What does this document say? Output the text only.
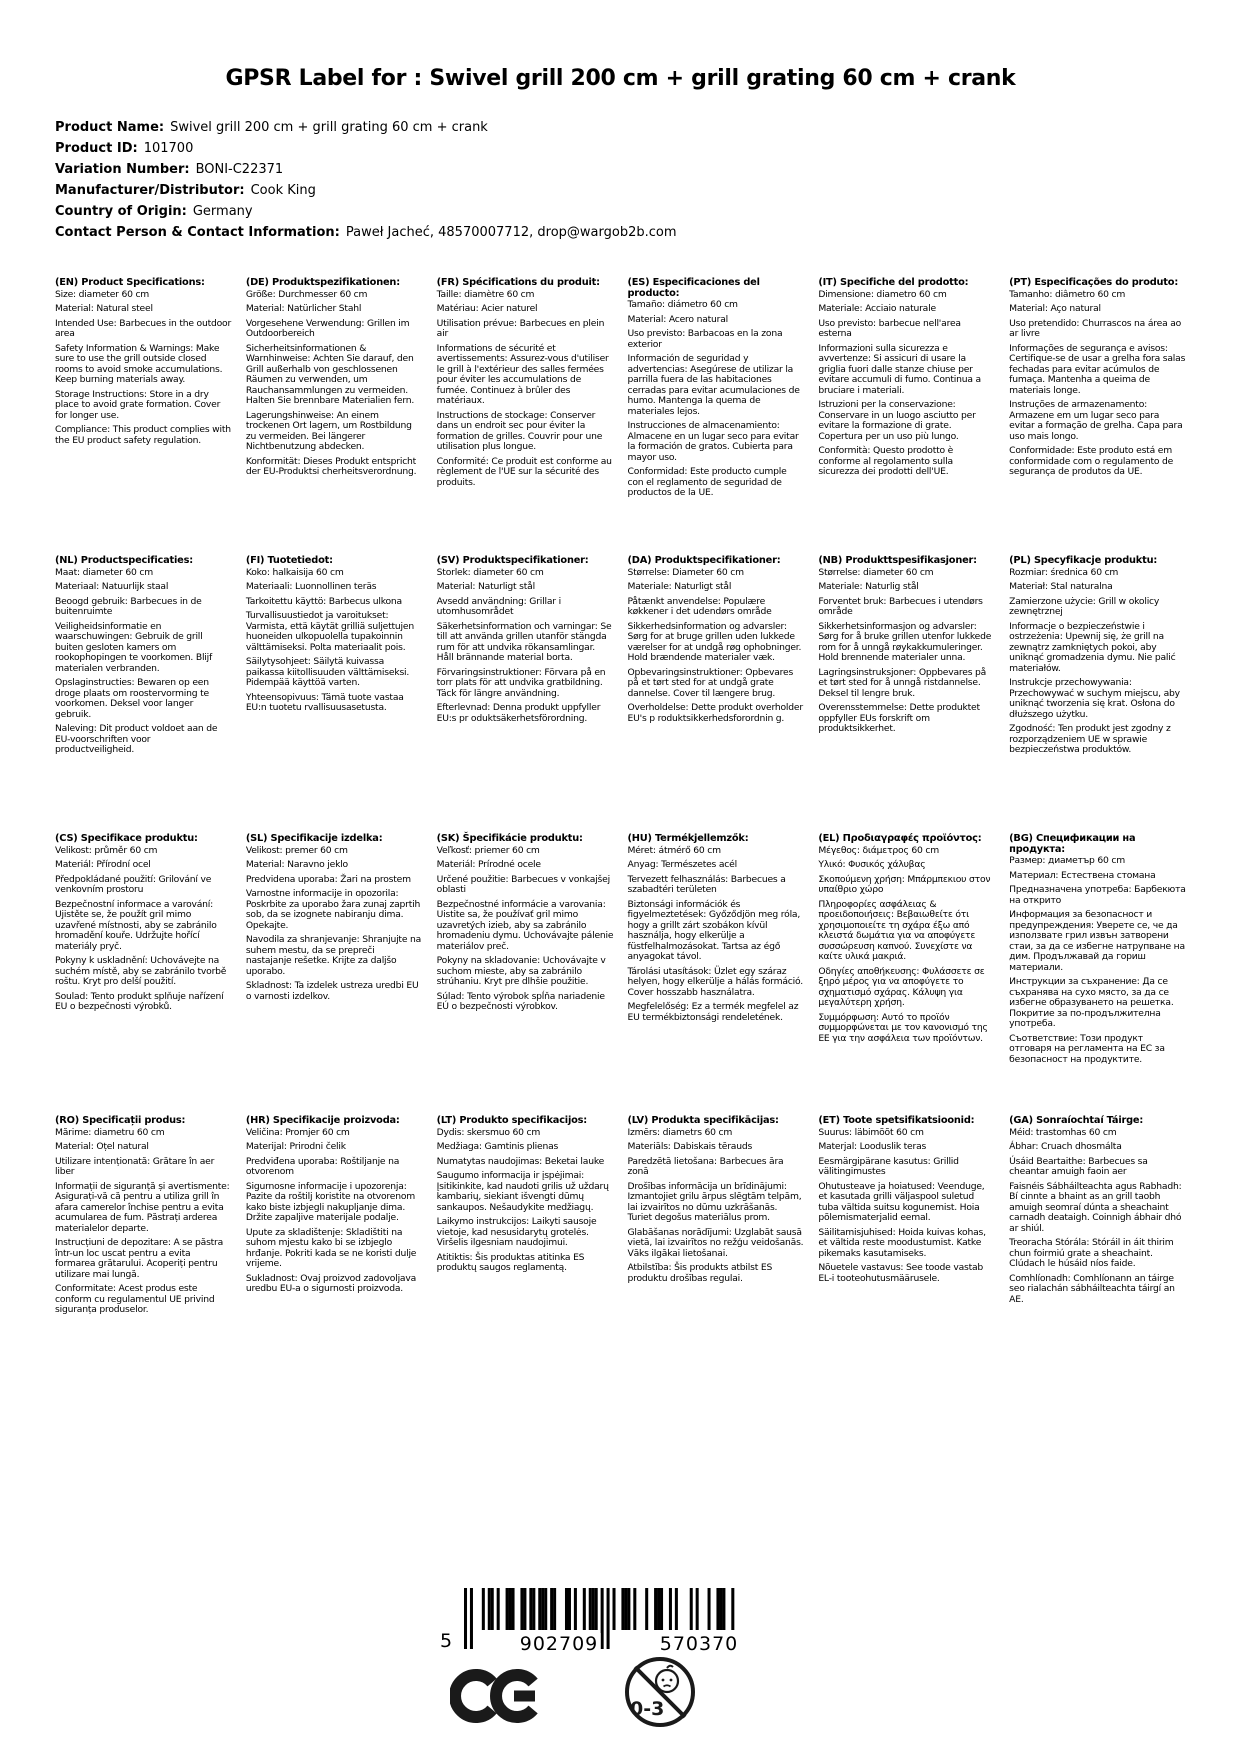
GPSR Label for : Swivel grill 200 cm + grill grating 60 cm + crank
Product Name: Swivel grill 200 cm + grill grating 60 cm + crank
Product ID: 101700
Variation Number: BONI-C22371
Manufacturer/Distributor: Cook King
Country of Origin: Germany
Contact Person & Contact Information: Paweł Jacheć, 48570007712, drop@wargob2b.com
(EN) Product Specifications:

Size: diameter 60 cm

Material: Natural steel

Intended Use: Barbecues in the outdoor area

Safety Information & Warnings: Make sure to use the grill outside closed rooms to avoid smoke accumulations. Keep burning materials away.

Storage Instructions: Store in a dry place to avoid grate formation. Cover for longer use.

Compliance: This product complies with the EU product safety regulation.

(DE) Produktspezifikationen:

Größe: Durchmesser 60 cm

Material: Natürlicher Stahl

Vorgesehene Verwendung: Grillen im Outdoorbereich

Sicherheitsinformationen & Warnhinweise: Achten Sie darauf, den Grill außerhalb von geschlossenen Räumen zu verwenden, um Rauchansammlungen zu vermeiden. Halten Sie brennbare Materialien fern.

Lagerungshinweise: An einem trockenen Ort lagern, um Rostbildung zu vermeiden. Bei längerer Nichtbenutzung abdecken.

Konformität: Dieses Produkt entspricht der EU-Produktsi cherheitsverordnung.

(FR) Spécifications du produit:

Taille: diamètre 60 cm

Matériau: Acier naturel

Utilisation prévue: Barbecues en plein air

Informations de sécurité et avertissements: Assurez-vous d'utiliser le grill à l'extérieur des salles fermées pour éviter les accumulations de fumée. Continuez à brûler des matériaux.

Instructions de stockage: Conserver dans un endroit sec pour éviter la formation de grilles. Couvrir pour une utilisation plus longue.

Conformité: Ce produit est conforme au règlement de l'UE sur la sécurité des produits.

(ES) Especificaciones del producto:

Tamaño: diámetro 60 cm

Material: Acero natural

Uso previsto: Barbacoas en la zona exterior

Información de seguridad y advertencias: Asegúrese de utilizar la parrilla fuera de las habitaciones cerradas para evitar acumulaciones de humo. Mantenga la quema de materiales lejos.

Instrucciones de almacenamiento: Almacene en un lugar seco para evitar la formación de gratos. Cubierta para mayor uso.

Conformidad: Este producto cumple con el reglamento de seguridad de productos de la UE.

(IT) Specifiche del prodotto:

Dimensione: diametro 60 cm

Materiale: Acciaio naturale

Uso previsto: barbecue nell'area esterna

Informazioni sulla sicurezza e avvertenze: Si assicuri di usare la griglia fuori dalle stanze chiuse per evitare accumuli di fumo. Continua a bruciare i materiali.

Istruzioni per la conservazione: Conservare in un luogo asciutto per evitare la formazione di grate. Copertura per un uso più lungo.

Conformità: Questo prodotto è conforme al regolamento sulla sicurezza dei prodotti dell'UE.

(PT) Especificações do produto:

Tamanho: diâmetro 60 cm

Material: Aço natural

Uso pretendido: Churrascos na área ao ar livre

Informações de segurança e avisos: Certifique-se de usar a grelha fora salas fechadas para evitar acúmulos de fumaça. Mantenha a queima de materiais longe.

Instruções de armazenamento: Armazene em um lugar seco para evitar a formação de grelha. Capa para uso mais longo.

Conformidade: Este produto está em conformidade com o regulamento de segurança de produtos da UE.

(NL) Productspecificaties:

Maat: diameter 60 cm

Materiaal: Natuurlijk staal

Beoogd gebruik: Barbecues in de buitenruimte

Veiligheidsinformatie en waarschuwingen: Gebruik de grill buiten gesloten kamers om rookophopingen te voorkomen. Blijf materialen verbranden.

Opslaginstructies: Bewaren op een droge plaats om roostervorming te voorkomen. Deksel voor langer gebruik.

Naleving: Dit product voldoet aan de EU-voorschriften voor productveiligheid.

(FI) Tuotetiedot:

Koko: halkaisija 60 cm

Materiaali: Luonnollinen teräs

Tarkoitettu käyttö: Barbecus ulkona

Turvallisuustiedot ja varoitukset: Varmista, että käytät grilliä suljettujen huoneiden ulkopuolella tupakoinnin välttämiseksi. Polta materiaalit pois.

Säilytysohjeet: Säilytä kuivassa paikassa kiitollisuuden välttämiseksi. Pidempää käyttöä varten.

Yhteensopivuus: Tämä tuote vastaa EU:n tuotetu rvallisuusasetusta.

(SV) Produktspecifikationer:

Storlek: diameter 60 cm

Material: Naturligt stål

Avsedd användning: Grillar i utomhusområdet

Säkerhetsinformation och varningar: Se till att använda grillen utanför stängda rum för att undvika rökansamlingar. Håll brännande material borta.

Förvaringsinstruktioner: Förvara på en torr plats för att undvika gratbildning. Täck för längre användning.

Efterlevnad: Denna produkt uppfyller EU:s pr oduktsäkerhetsförordning.

(DA) Produktspecifikationer:

Størrelse: Diameter 60 cm

Materiale: Naturligt stål

Påtænkt anvendelse: Populære køkkener i det udendørs område

Sikkerhedsinformation og advarsler: Sørg for at bruge grillen uden lukkede værelser for at undgå røg ophobninger. Hold brændende materialer væk.

Opbevaringsinstruktioner: Opbevares på et tørt sted for at undgå grate dannelse. Cover til længere brug.

Overholdelse: Dette produkt overholder EU's p roduktsikkerhedsforordnin g.

(NB) Produkttspesifikasjoner:

Størrelse: diameter 60 cm

Materiale: Naturlig stål

Forventet bruk: Barbecues i utendørs område

Sikkerhetsinformasjon og advarsler: Sørg for å bruke grillen utenfor lukkede rom for å unngå røykakkumuleringer. Hold brennende materialer unna.

Lagringsinstruksjoner: Oppbevares på et tørt sted for å unngå ristdannelse. Deksel til lengre bruk.

Overensstemmelse: Dette produktet oppfyller EUs forskrift om produktsikkerhet.

(PL) Specyfikacje produktu:

Rozmiar: średnica 60 cm

Materiał: Stal naturalna

Zamierzone użycie: Grill w okolicy zewnętrznej

Informacje o bezpieczeństwie i ostrzeżenia: Upewnij się, że grill na zewnątrz zamkniętych pokoi, aby uniknąć gromadzenia dymu. Nie palić materiałów.

Instrukcje przechowywania: Przechowywać w suchym miejscu, aby uniknąć tworzenia się krat. Osłona do dłuższego użytku.

Zgodność: Ten produkt jest zgodny z rozporządzeniem UE w sprawie bezpieczeństwa produktów.

(CS) Specifikace produktu:

Velikost: průměr 60 cm

Materiál: Přírodní ocel

Předpokládané použití: Grilování ve venkovním prostoru

Bezpečnostní informace a varování: Ujistěte se, že použít gril mimo uzavřené místnosti, aby se zabránilo hromadění kouře. Udržujte hořící materiály pryč.

Pokyny k uskladnění: Uchovávejte na suchém místě, aby se zabránilo tvorbě roštu. Kryt pro delší použití.

Soulad: Tento produkt splňuje nařízení EU o bezpečnosti výrobků.

(SL) Specifikacije izdelka:

Velikost: premer 60 cm

Material: Naravno jeklo

Predvidena uporaba: Žari na prostem

Varnostne informacije in opozorila: Poskrbite za uporabo žara zunaj zaprtih sob, da se izognete nabiranju dima. Opekajte.

Navodila za shranjevanje: Shranjujte na suhem mestu, da se prepreči nastajanje rešetke. Krijte za daljšo uporabo.

Skladnost: Ta izdelek ustreza uredbi EU o varnosti izdelkov.

(SK) Špecifikácie produktu:

Veľkosť: priemer 60 cm

Materiál: Prírodné ocele

Určené použitie: Barbecues v vonkajšej oblasti

Bezpečnostné informácie a varovania: Uistite sa, že používať gril mimo uzavretých izieb, aby sa zabránilo hromadeniu dymu. Uchovávajte pálenie materiálov preč.

Pokyny na skladovanie: Uchovávajte v suchom mieste, aby sa zabránilo strúhaniu. Kryt pre dlhšie použitie.

Súlad: Tento výrobok spĺňa nariadenie EÚ o bezpečnosti výrobkov.

(HU) Termékjellemzők:

Méret: átmérő 60 cm

Anyag: Természetes acél

Tervezett felhasználás: Barbecues a szabadtéri területen

Biztonsági információk és figyelmeztetések: Győződjön meg róla, hogy a grillt zárt szobákon kívül használja, hogy elkerülje a füstfelhalmozásokat. Tartsa az égő anyagokat távol.

Tárolási utasítások: Üzlet egy száraz helyen, hogy elkerülje a hálás formáció. Cover hosszabb használatra.

Megfelelőség: Ez a termék megfelel az EU termékbiztonsági rendeletének.

(EL) Προδιαγραφές προϊόντος:

Μέγεθος: διάμετρος 60 cm

Υλικό: Φυσικός χάλυβας

Σκοπούμενη χρήση: Μπάρμπεκιου στον υπαίθριο χώρο

Πληροφορίες ασφάλειας & προειδοποιήσεις: Βεβαιωθείτε ότι χρησιμοποιείτε τη σχάρα έξω από κλειστά δωμάτια για να αποφύγετε συσσώρευση καπνού. Συνεχίστε να καίτε υλικά μακριά.

Οδηγίες αποθήκευσης: Φυλάσσετε σε ξηρό μέρος για να αποφύγετε το σχηματισμό σχάρας. Κάλυψη για μεγαλύτερη χρήση.

Συμμόρφωση: Αυτό το προϊόν συμμορφώνεται με τον κανονισμό της ΕΕ για την ασφάλεια των προϊόντων.

(BG) Спецификации на продукта:

Размер: диаметър 60 cm

Материал: Естествена стомана

Предназначена употреба: Барбекюта на открито

Информация за безопасност и предупреждения: Уверете се, че да използвате грил извън затворени стаи, за да се избегне натрупване на дим. Продължавай да гориш материали.

Инструкции за съхранение: Да се съхранява на сухо място, за да се избегне образуването на решетка. Покритие за по-продължителна употреба.

Съответствие: Този продукт отговаря на регламента на ЕС за безопасност на продуктите.

(RO) Specificații produs:

Mărime: diametru 60 cm

Material: Oțel natural

Utilizare intenționată: Grătare în aer liber

Informații de siguranță și avertismente: Asigurați-vă că pentru a utiliza grill în afara camerelor închise pentru a evita acumularea de fum. Păstrați arderea materialelor departe.

Instrucțiuni de depozitare: A se păstra într-un loc uscat pentru a evita formarea grătarului. Acoperiți pentru utilizare mai lungă.

Conformitate: Acest produs este conform cu regulamentul UE privind siguranța produselor.

(HR) Specifikacije proizvoda:

Veličina: Promjer 60 cm

Materijal: Prirodni čelik

Predviđena uporaba: Roštiljanje na otvorenom

Sigurnosne informacije i upozorenja: Pazite da roštilj koristite na otvorenom kako biste izbjegli nakupljanje dima. Držite zapaljive materijale podalje.

Upute za skladištenje: Skladištiti na suhom mjestu kako bi se izbjeglo hrđanje. Pokriti kada se ne koristi dulje vrijeme.

Sukladnost: Ovaj proizvod zadovoljava uredbu EU-a o sigurnosti proizvoda.

(LT) Produkto specifikacijos:

Dydis: skersmuo 60 cm

Medžiaga: Gamtinis plienas

Numatytas naudojimas: Beketai lauke

Saugumo informacija ir įspėjimai: Įsitikinkite, kad naudoti grilis už uždarų kambarių, siekiant išvengti dūmų sankaupos. Nešaudykite medžiagų.

Laikymo instrukcijos: Laikyti sausoje vietoje, kad nesusidarytų grotelės. Viršelis ilgesniam naudojimui.

Atitiktis: Šis produktas atitinka ES produktų saugos reglamentą.

(LV) Produkta specifikācijas:

Izmērs: diametrs 60 cm

Materiāls: Dabiskais tērauds

Paredzētā lietošana: Barbecues āra zonā

Drošības informācija un brīdinājumi: Izmantojiet grilu ārpus slēgtām telpām, lai izvairītos no dūmu uzkrāšanās. Turiet degošus materiālus prom.

Glabāšanas norādījumi: Uzglabāt sausā vietā, lai izvairītos no režģu veidošanās. Vāks ilgākai lietošanai.

Atbilstība: Šis produkts atbilst ES produktu drošības regulai.

(ET) Toote spetsifikatsioonid:

Suurus: läbimõõt 60 cm

Materjal: Looduslik teras

Eesmärgipärane kasutus: Grillid välitingimustes

Ohutusteave ja hoiatused: Veenduge, et kasutada grilli väljaspool suletud tuba vältida suitsu kogunemist. Hoia põlemismaterjalid eemal.

Säilitamisjuhised: Hoida kuivas kohas, et vältida reste moodustumist. Katke pikemaks kasutamiseks.

Nõuetele vastavus: See toode vastab EL-i tooteohutusmäärusele.

(GA) Sonraíochtaí Táirge:

Méid: trastomhas 60 cm

Ábhar: Cruach dhosmálta

Úsáid Beartaithe: Barbecues sa cheantar amuigh faoin aer

Faisnéis Sábháilteachta agus Rabhadh: Bí cinnte a bhaint as an grill taobh amuigh seomraí dúnta a sheachaint carnadh deataigh. Coinnigh ábhair dhó ar shiúl.

Treoracha Stórála: Stóráil in áit thirim chun foirmiú grate a sheachaint. Clúdach le húsáid níos faide.

Comhlíonadh: Comhlíonann an táirge seo rialachán sábháilteachta táirgí an AE.

5	902709	570370
0-3
